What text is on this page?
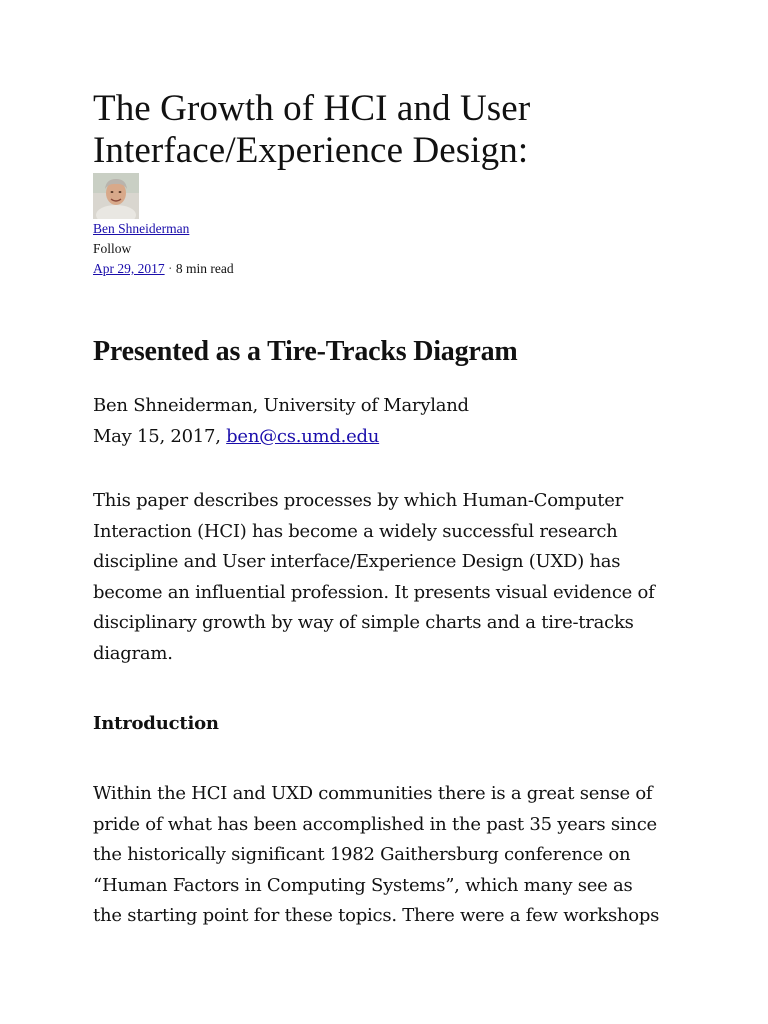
The Growth of HCI and User
Interface/Experience Design:
Ben Shneiderman
Follow
Apr 29, 2017 · 8 min read
Presented as a Tire-Tracks Diagram

Ben Shneiderman, University of Maryland
May 15, 2017, ben@cs.umd.edu

This paper describes processes by which Human-Computer
Interaction (HCI) has become a widely successful research
discipline and User interface/Experience Design (UXD) has
become an influential profession. It presents visual evidence of
disciplinary growth by way of simple charts and a tire-tracks
diagram.

Introduction

Within the HCI and UXD communities there is a great sense of
pride of what has been accomplished in the past 35 years since
the historically significant 1982 Gaithersburg conference on
“Human Factors in Computing Systems”, which many see as
the starting point for these topics. There were a few workshops
